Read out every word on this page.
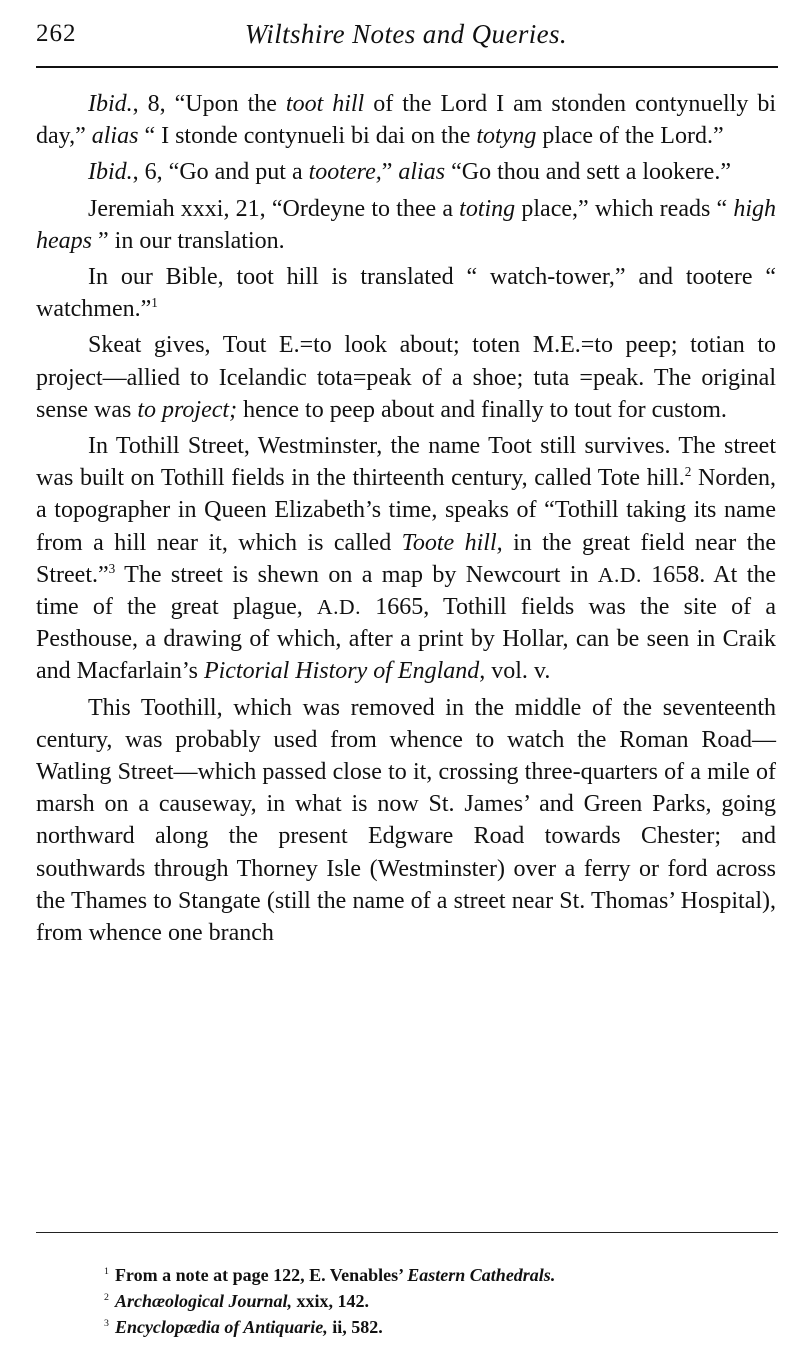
262	Wiltshire Notes and Queries.

Ibid., 8, “Upon the toot hill of the Lord I am stonden contynuelly bi day,” alias “ I stonde contynueli bi dai on the totyng place of the Lord.”

Ibid., 6, “Go and put a tootere,” alias “Go thou and sett a lookere.”

Jeremiah xxxi, 21, “Ordeyne to thee a toting place,” which reads “ high heaps ” in our translation.

In our Bible, toot hill is translated “ watch-tower,” and tootere “ watchmen.”$^1$

Skeat gives, Tout E.=to look about; toten M.E.=to peep; totian to project—allied to Icelandic tota=peak of a shoe; tuta =peak. The original sense was to project; hence to peep about and finally to tout for custom.

In Tothill Street, Westminster, the name Toot still survives. The street was built on Tothill fields in the thirteenth century, called Tote hill.$^2$ Norden, a topographer in Queen Elizabeth’s time, speaks of “Tothill taking its name from a hill near it, which is called Toote hill, in the great field near the Street.”$^3$ The street is shewn on a map by Newcourt in A.D. 1658. At the time of the great plague, A.D. 1665, Tothill fields was the site of a Pesthouse, a drawing of which, after a print by Hollar, can be seen in Craik and Macfarlain’s Pictorial History of England, vol. v.

This Toothill, which was removed in the middle of the seventeenth century, was probably used from whence to watch the Roman Road—Watling Street—which passed close to it, crossing three-quarters of a mile of marsh on a causeway, in what is now St. James’ and Green Parks, going northward along the present Edgware Road towards Chester; and southwards through Thorney Isle (Westminster) over a ferry or ford across the Thames to Stangate (still the name of a street near St. Thomas’ Hospital), from whence one branch

$^1$ From a note at page 122, E. Venables’ Eastern Cathedrals.
$^2$ Archæological Journal, xxix, 142.
$^3$ Encyclopædia of Antiquarie, ii, 582.
